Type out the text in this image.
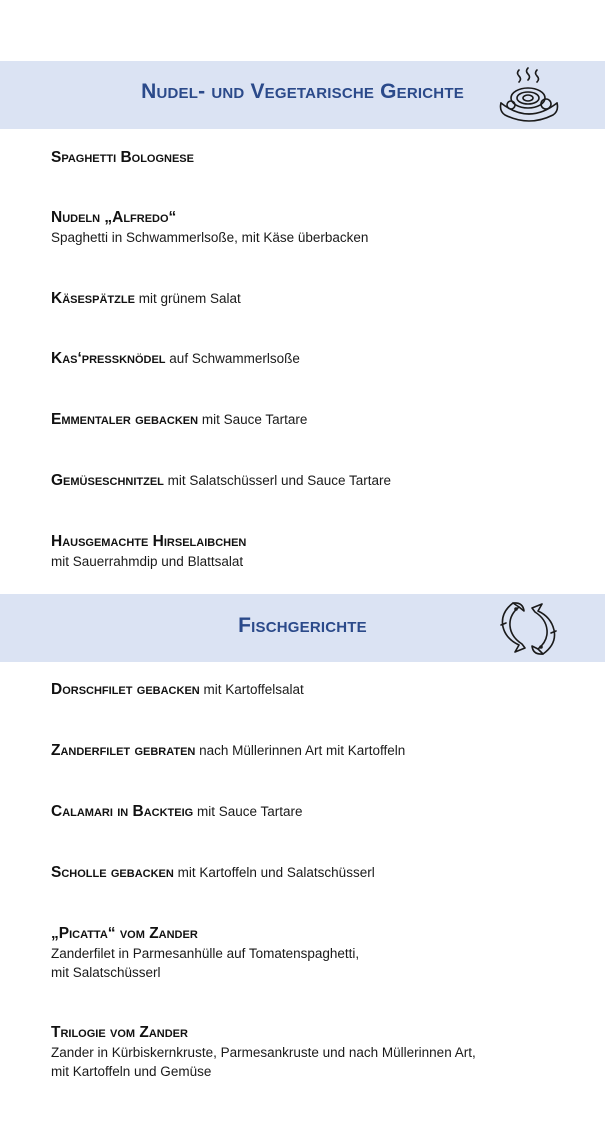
Nudel- und Vegetarische Gerichte
Spaghetti Bolognese
Nudeln „Alfredo“
Spaghetti in Schwammerlsoße, mit Käse überbacken
Käsespätzle mit grünem Salat
Kas‘pressknödel auf Schwammerlsoße
Emmentaler gebacken mit Sauce Tartare
Gemüseschnitzel mit Salatschüsserl und Sauce Tartare
Hausgemachte Hirselaibchen
mit Sauerrahmdip und Blattsalat
Fischgerichte
Dorschfilet gebacken mit Kartoffelsalat
Zanderfilet gebraten nach Müllerinnen Art mit Kartoffeln
Calamari in Backteig mit Sauce Tartare
Scholle gebacken mit Kartoffeln und Salatschüsserl
„Picatta“ vom Zander
Zanderfilet in Parmesanhülle auf Tomatenspaghetti,
mit Salatschüsserl
Trilogie vom Zander
Zander in Kürbiskernkruste, Parmesankruste und nach Müllerinnen Art,
mit Kartoffeln und Gemüse
